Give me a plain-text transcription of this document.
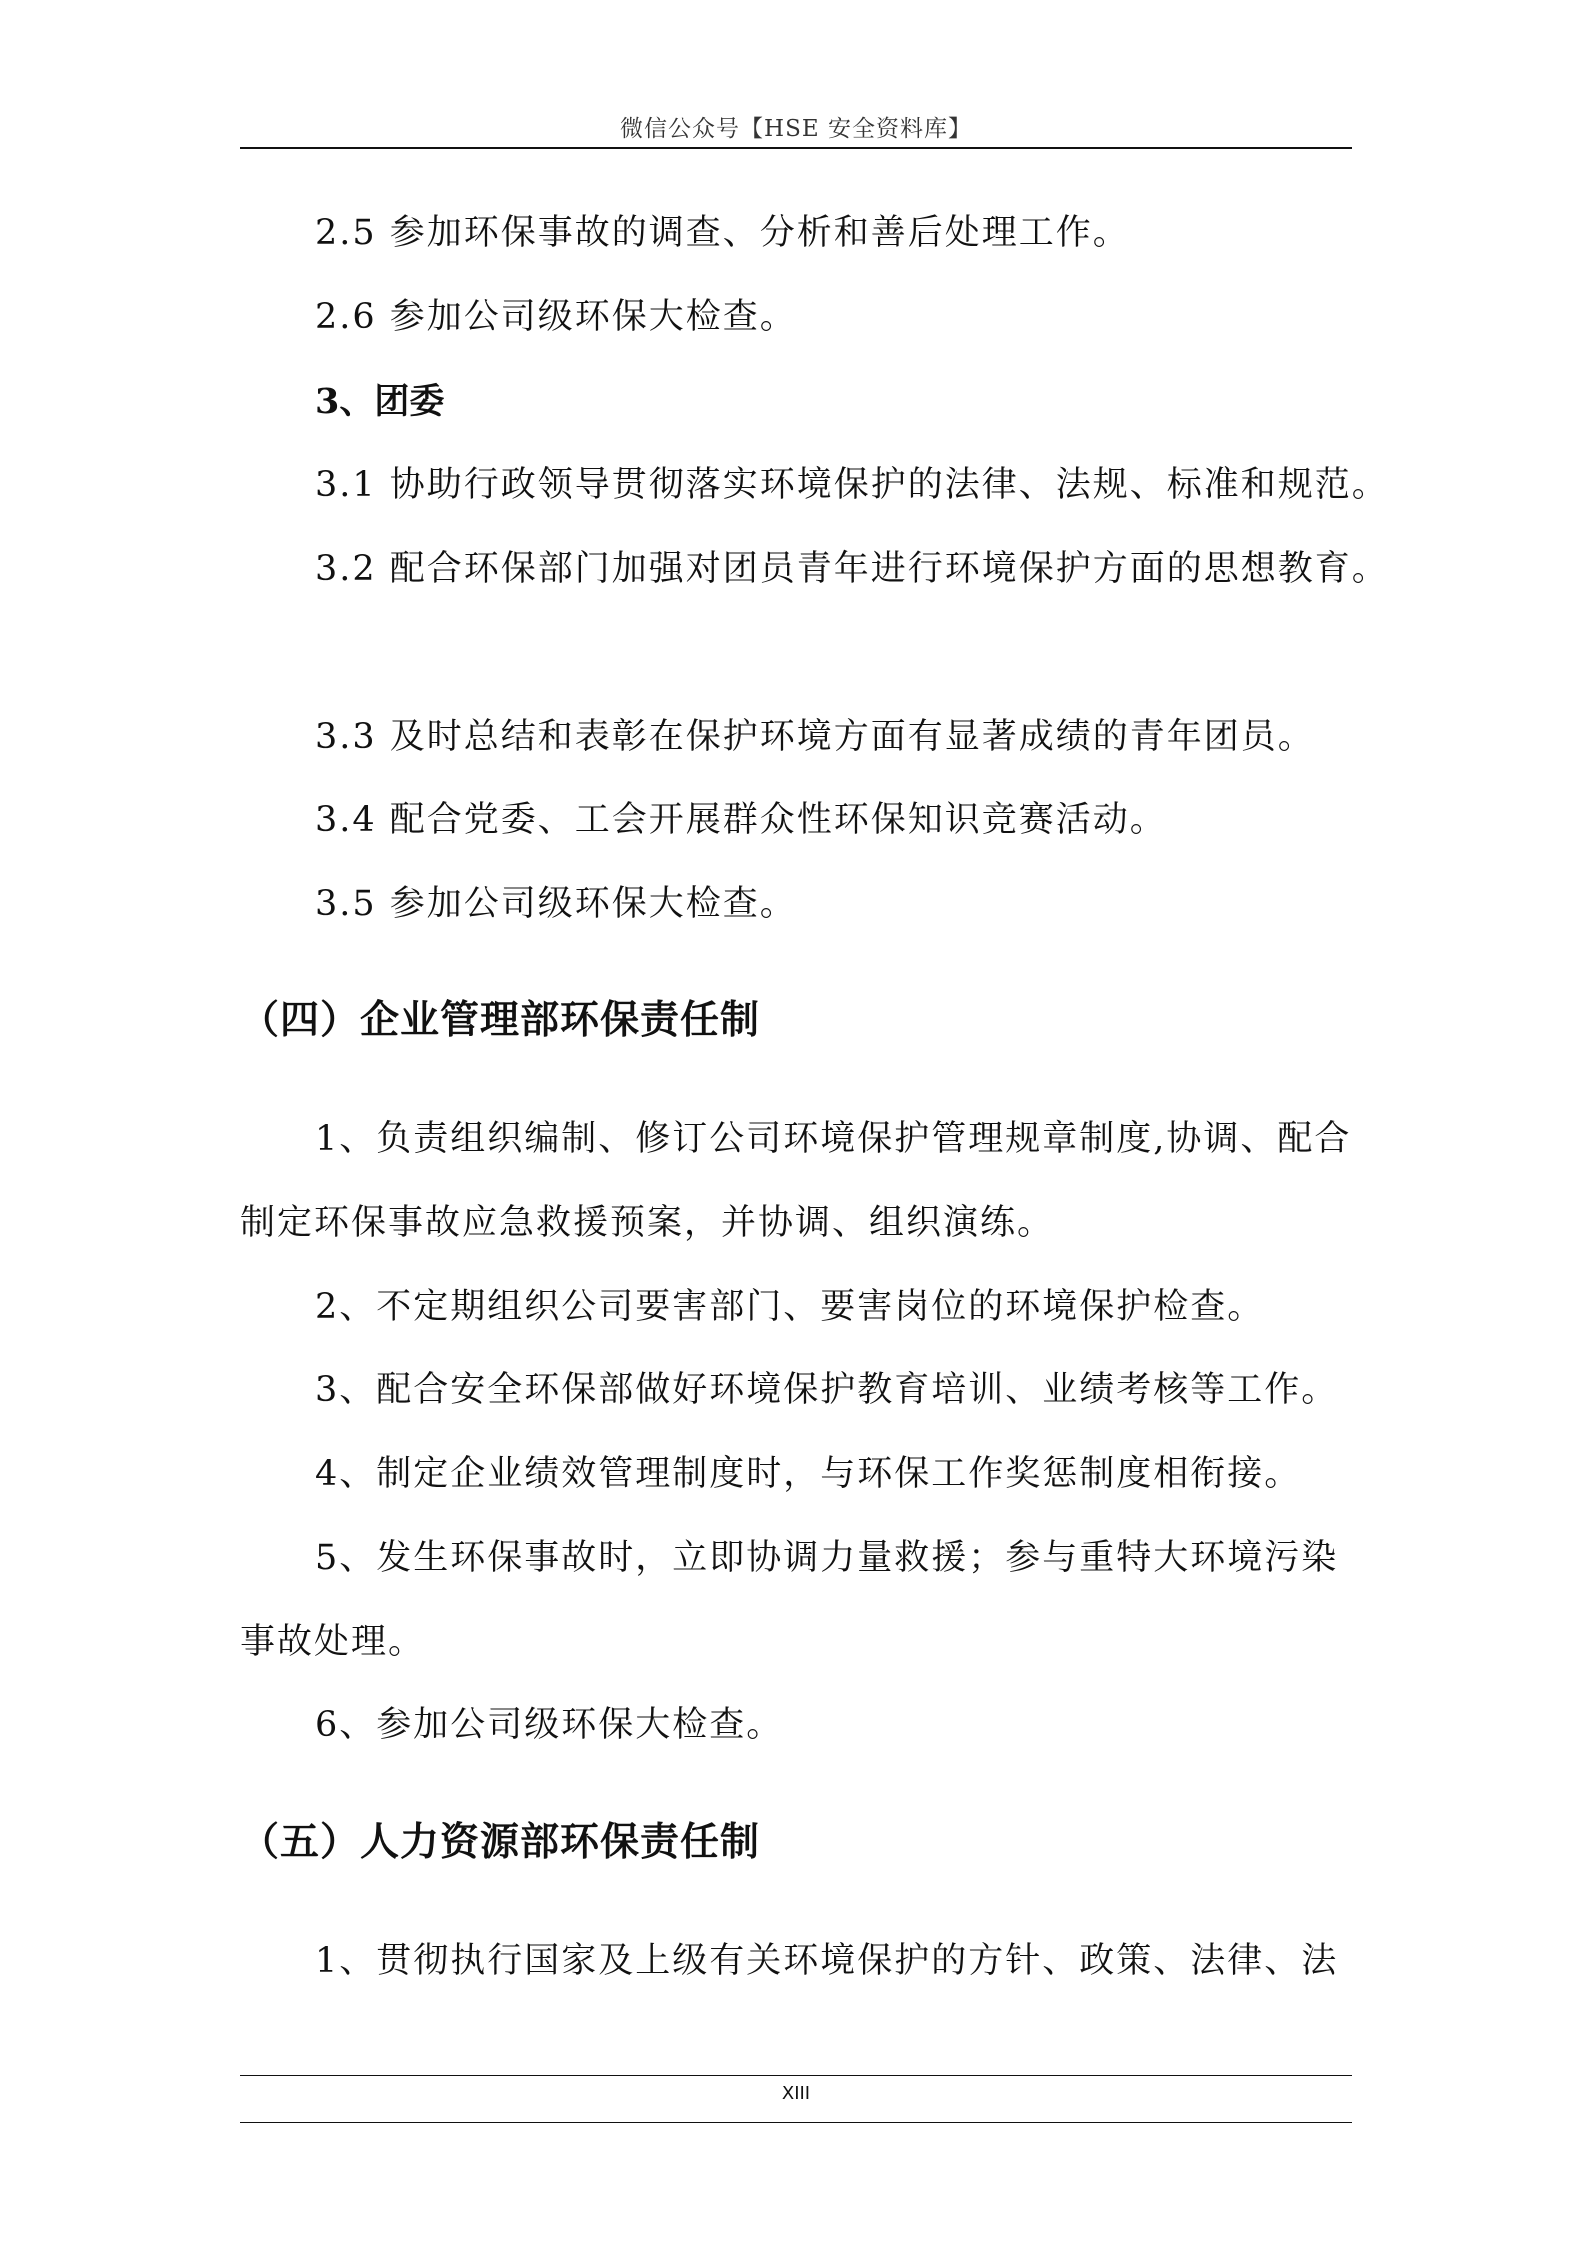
微信公众号【HSE 安全资料库】
2.5 参加环保事故的调查、分析和善后处理工作。
2.6 参加公司级环保大检查。
3、团委
3.1 协助行政领导贯彻落实环境保护的法律、法规、标准和规范。
3.2 配合环保部门加强对团员青年进行环境保护方面的思想教育。
3.3 及时总结和表彰在保护环境方面有显著成绩的青年团员。
3.4 配合党委、工会开展群众性环保知识竞赛活动。
3.5 参加公司级环保大检查。
（四）企业管理部环保责任制
1、负责组织编制、修订公司环境保护管理规章制度,协调、配合
制定环保事故应急救援预案，并协调、组织演练。
2、不定期组织公司要害部门、要害岗位的环境保护检查。
3、配合安全环保部做好环境保护教育培训、业绩考核等工作。
4、制定企业绩效管理制度时，与环保工作奖惩制度相衔接。
5、发生环保事故时，立即协调力量救援；参与重特大环境污染
事故处理。
6、参加公司级环保大检查。
（五）人力资源部环保责任制
1、贯彻执行国家及上级有关环境保护的方针、政策、法律、法
XIII
